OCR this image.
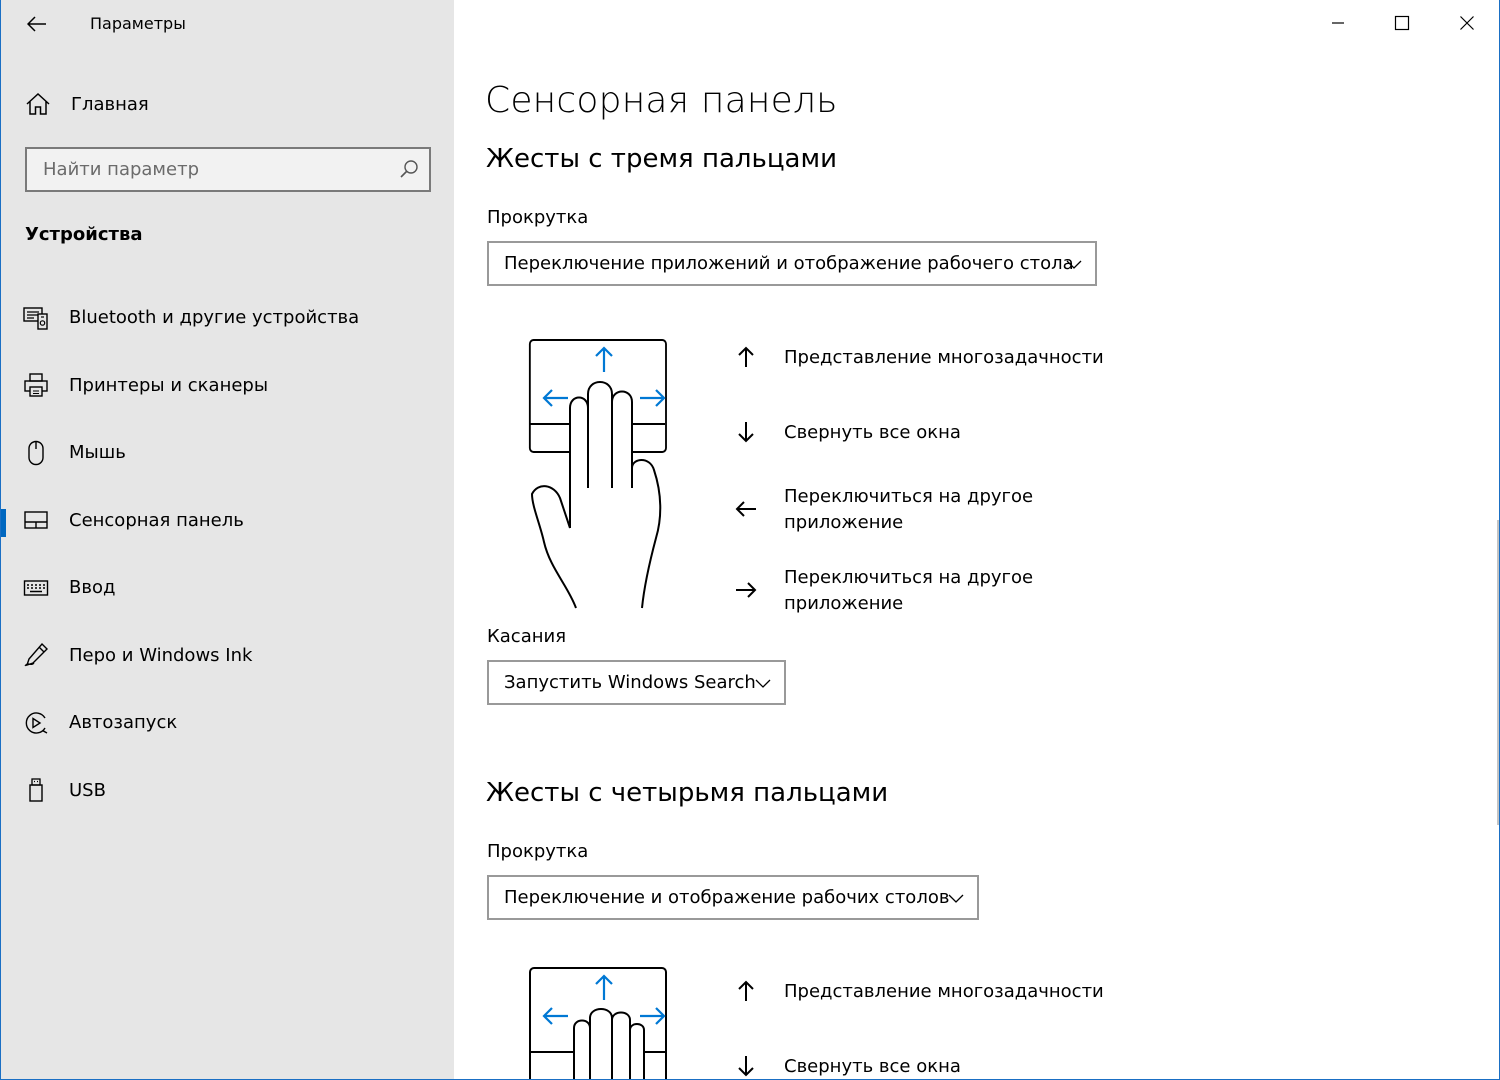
Параметры
Главная
Найти параметр
Устройства
Bluetooth и другие устройства
Принтеры и сканеры
Мышь
Сенсорная панель
Ввод
Перо и Windows Ink
Автозапуск
USB
Сенсорная панель
Жесты с тремя пальцами
Прокрутка
Переключение приложений и отображение рабочего стола
Представление многозадачности
Свернуть все окна
Переключиться на другое приложение
Переключиться на другое приложение
Касания
Запустить Windows Search
Жесты с четырьмя пальцами
Прокрутка
Переключение и отображение рабочих столов
Представление многозадачности
Свернуть все окна
